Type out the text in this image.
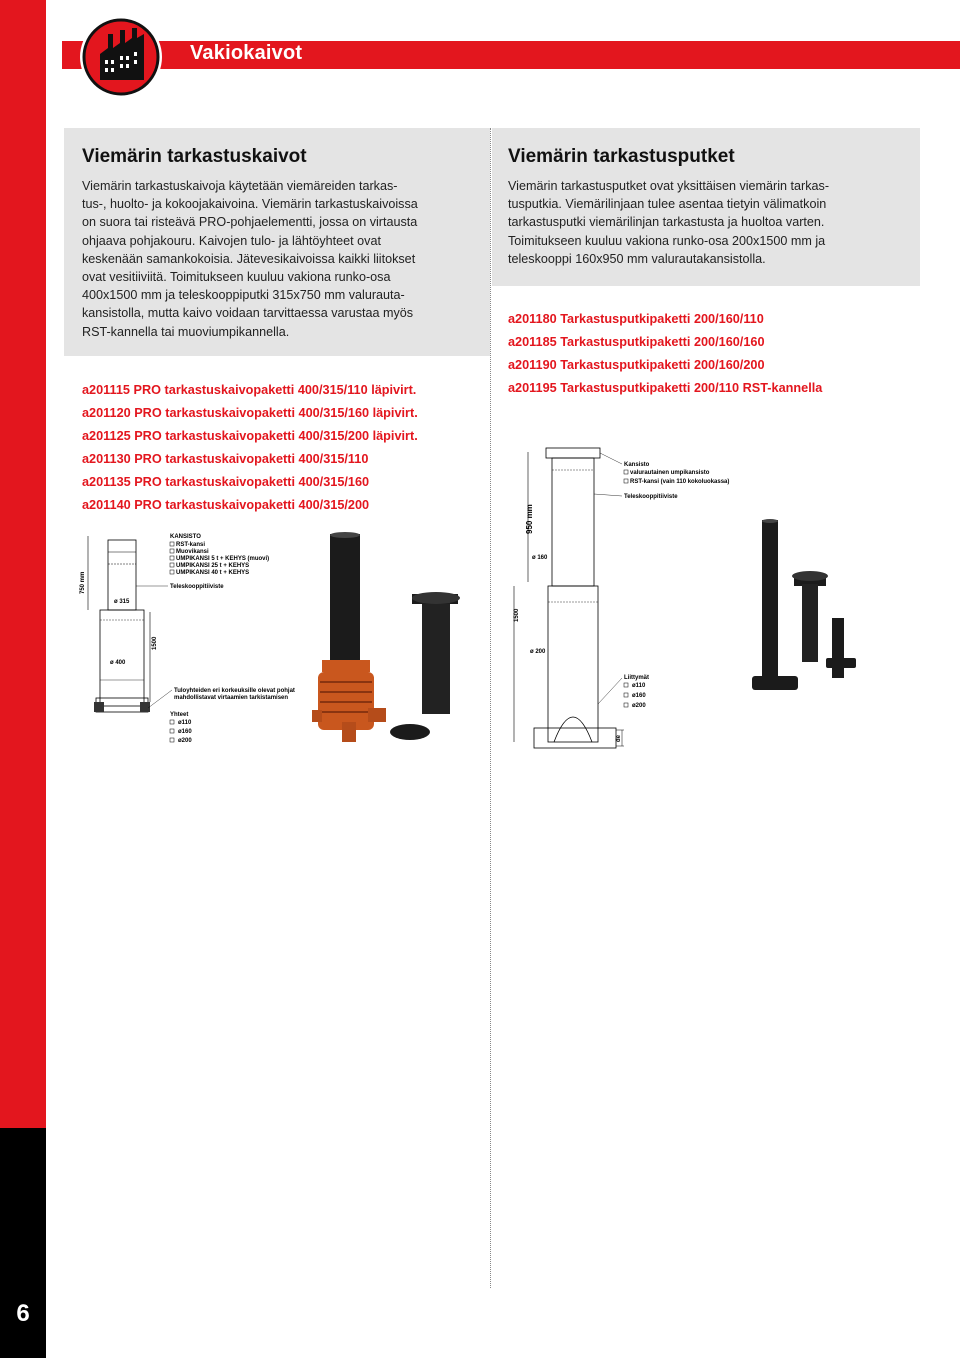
6
Vakiokaivot
Viemärin tarkastuskaivot
Viemärin tarkastuskaivoja käytetään viemäreiden tarkas-
tus-, huolto- ja kokoojakaivoina. Viemärin tarkastuskaivoissa
on suora tai risteävä PRO-pohjaelementti, jossa on virtausta
ohjaava pohjakouru. Kaivojen tulo- ja lähtöyhteet ovat
keskenään samankokoisia. Jätevesikaivoissa kaikki liitokset
ovat vesitiiviitä. Toimitukseen kuuluu vakiona runko-osa
400x1500 mm ja teleskooppiputki 315x750 mm valurauta-
kansistolla, mutta kaivo voidaan tarvittaessa varustaa myös
RST-kannella tai muoviumpikannella.
a201115 PRO tarkastuskaivopaketti 400/315/110 läpivirt.
a201120 PRO tarkastuskaivopaketti 400/315/160 läpivirt.
a201125 PRO tarkastuskaivopaketti 400/315/200 läpivirt.
a201130 PRO tarkastuskaivopaketti 400/315/110
a201135 PRO tarkastuskaivopaketti 400/315/160
a201140 PRO tarkastuskaivopaketti 400/315/200
Viemärin tarkastusputket
Viemärin tarkastusputket ovat yksittäisen viemärin tarkas-
tusputkia. Viemärilinjaan tulee asentaa tietyin välimatkoin
tarkastusputki viemärilinjan tarkastusta ja huoltoa varten.
Toimitukseen kuuluu vakiona runko-osa 200x1500 mm ja
teleskooppi 160x950 mm valurautakansistolla.
a201180 Tarkastusputkipaketti 200/160/110
a201185 Tarkastusputkipaketti 200/160/160
a201190 Tarkastusputkipaketti 200/160/200
a201195 Tarkastusputkipaketti 200/110 RST-kannella
750 mm
ø 315
1500
ø 400
KANSISTO
RST-kansi
Muovikansi
UMPIKANSI 5 t + KEHYS (muovi)
UMPIKANSI 25 t + KEHYS
UMPIKANSI 40 t + KEHYS
Teleskooppitiiviste
Tuloyhteiden eri korkeuksille olevat pohjat
mahdollistavat virtaamien tarkistamisen
Yhteet
ø110
ø160
ø200
950 mm
ø 160
1500
ø 200
de
Kansisto
valurautainen umpikansisto
RST-kansi (vain 110 kokoluokassa)
Teleskooppitiiviste
Liittymät
ø110
ø160
ø200
